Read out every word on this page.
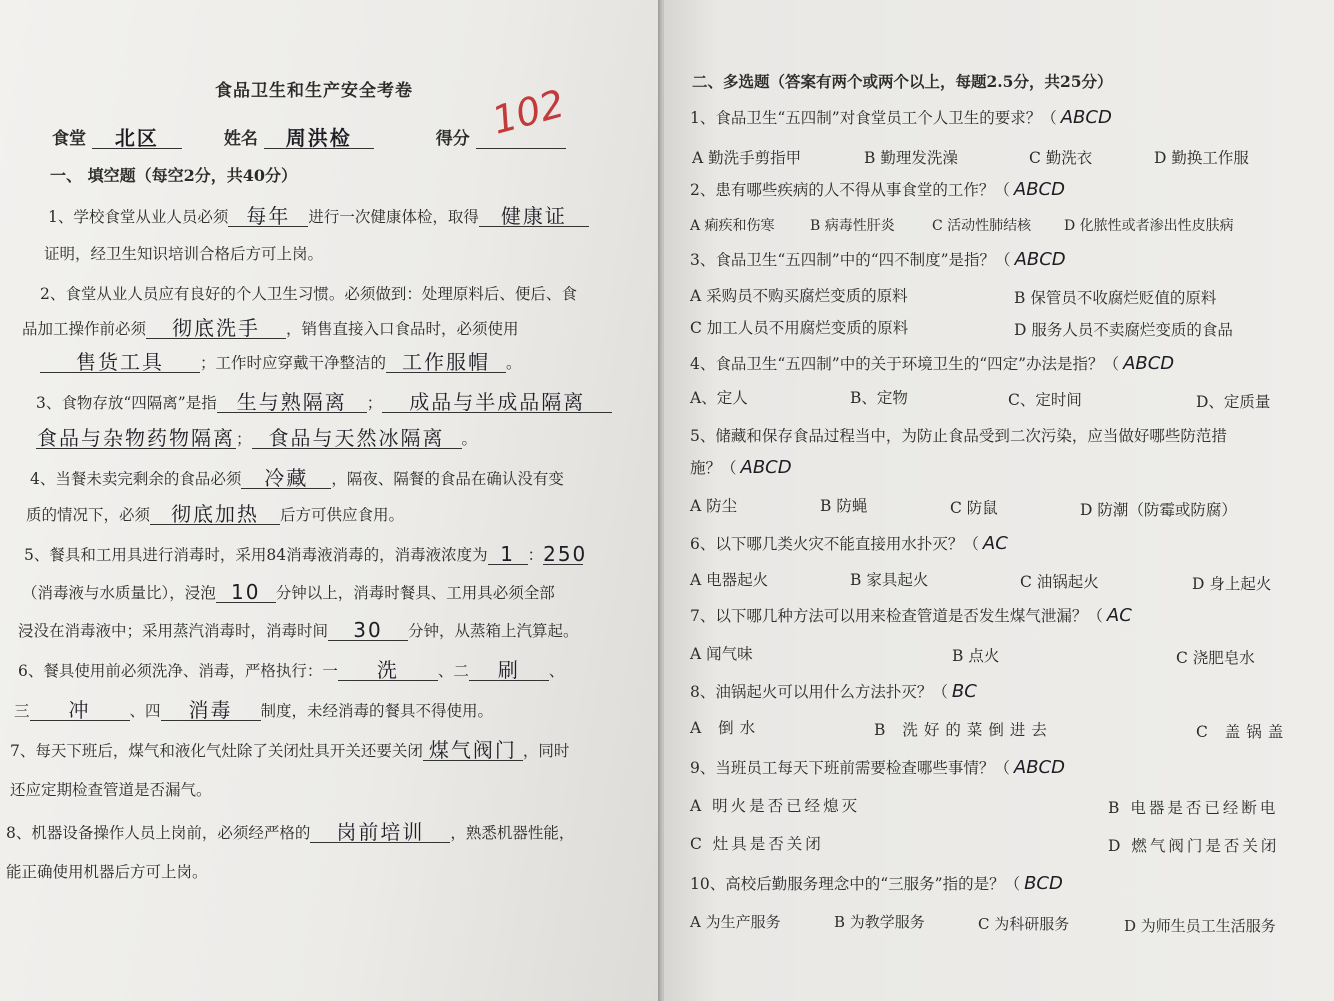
食品卫生和生产安全考卷
食堂 北区	姓名 周洪检	得分 102
一、 填空题（每空2分，共40分）
1、学校食堂从业人员必须 每年 进行一次健康体检，取得 健康证
证明，经卫生知识培训合格后方可上岗。
2、食堂从业人员应有良好的个人卫生习惯。必须做到：处理原料后、便后、食
品加工操作前必须 彻底洗手 ，销售直接入口食品时，必须使用
售货工具 ；工作时应穿戴干净整洁的 工作服帽 。
3、食物存放“四隔离”是指 生与熟隔离 ； 成品与半成品隔离
食品与杂物药物隔离； 食品与天然冰隔离 。
4、当餐未卖完剩余的食品必须 冷藏 ，隔夜、隔餐的食品在确认没有变
质的情况下，必须 彻底加热 后方可供应食用。
5、餐具和工用具进行消毒时，采用84消毒液消毒的，消毒液浓度为 1 ：250
（消毒液与水质量比），浸泡 10 分钟以上，消毒时餐具、工用具必须全部
浸没在消毒液中；采用蒸汽消毒时，消毒时间 30 分钟，从蒸箱上汽算起。
6、餐具使用前必须洗净、消毒，严格执行：一 洗	、二 刷 、
三 冲	、四 消毒 制度，未经消毒的餐具不得使用。
7、每天下班后，煤气和液化气灶除了关闭灶具开关还要关闭 煤气阀门 ，同时
还应定期检查管道是否漏气。
8、机器设备操作人员上岗前，必须经严格的 岗前培训 ，熟悉机器性能，
能正确使用机器后方可上岗。
二、多选题（答案有两个或两个以上，每题2.5分，共25分）
1、食品卫生“五四制”对食堂员工个人卫生的要求？（ ABCD
A 勤洗手剪指甲	B 勤理发洗澡	C 勤洗衣	D 勤换工作服
2、患有哪些疾病的人不得从事食堂的工作？（ ABCD
A 痢疾和伤寒	B 病毒性肝炎	C 活动性肺结核 D 化脓性或者渗出性皮肤病
3、食品卫生“五四制”中的“四不制度”是指？（ ABCD
A 采购员不购买腐烂变质的原料	B 保管员不收腐烂贬值的原料
C 加工人员不用腐烂变质的原料	D 服务人员不卖腐烂变质的食品
4、食品卫生“五四制”中的关于环境卫生的“四定”办法是指？（ ABCD
A、定人	B、定物	C、定时间	D、定质量
5、储藏和保存食品过程当中，为防止食品受到二次污染，应当做好哪些防范措
施？（ ABCD
A 防尘	B 防蝇	C 防鼠	D 防潮（防霉或防腐）
6、以下哪几类火灾不能直接用水扑灭？（ AC
A 电器起火	B 家具起火	C 油锅起火	D 身上起火
7、以下哪几种方法可以用来检查管道是否发生煤气泄漏？（ AC
A 闻气味	B 点火	C 浇肥皂水
8、油锅起火可以用什么方法扑灭？（ BC
A 倒水	B 洗好的菜倒进去	C 盖锅盖
9、当班员工每天下班前需要检查哪些事情？（ ABCD
A 明火是否已经熄灭	B 电器是否已经断电
C 灶具是否关闭	D 燃气阀门是否关闭
10、高校后勤服务理念中的“三服务”指的是？（ BCD
A 为生产服务	B 为教学服务	C 为科研服务	D 为师生员工生活服务
